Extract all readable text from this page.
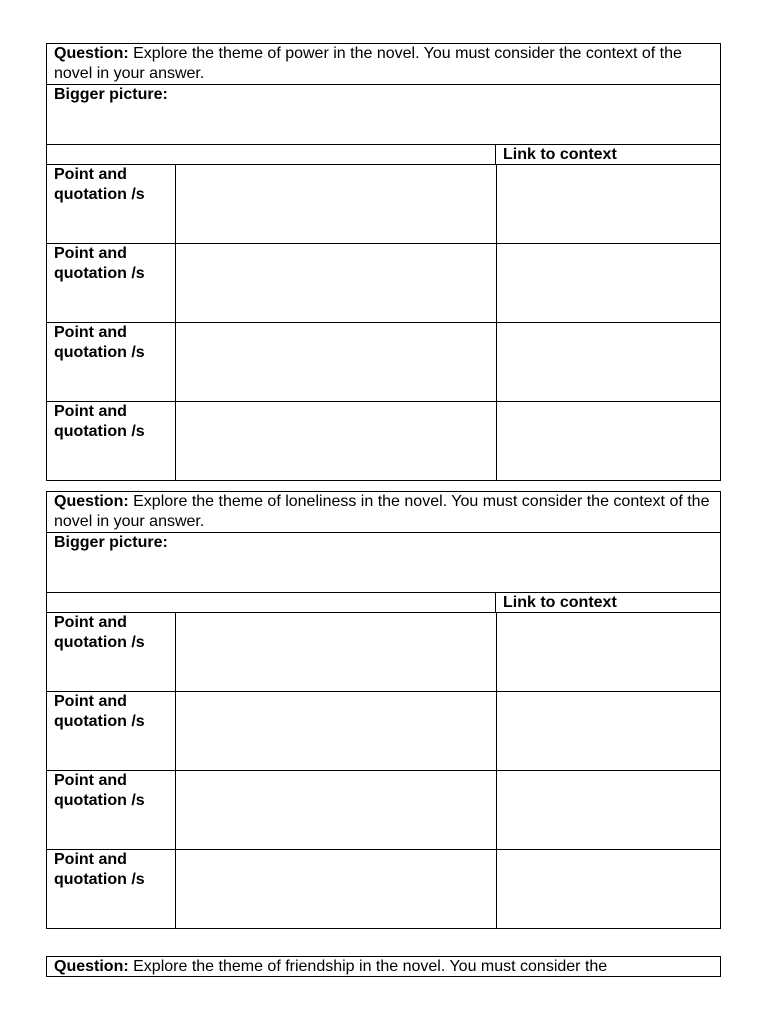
Question: Explore the theme of power in the novel. You must consider the context of the novel in your answer.
Bigger picture:
Link to context
Point and quotation /s
Point and quotation /s
Point and quotation /s
Point and quotation /s
Question: Explore the theme of loneliness in the novel. You must consider the context of the novel in your answer.
Bigger picture:
Link to context
Point and quotation /s
Point and quotation /s
Point and quotation /s
Point and quotation /s
Question: Explore the theme of friendship in the novel. You must consider the
